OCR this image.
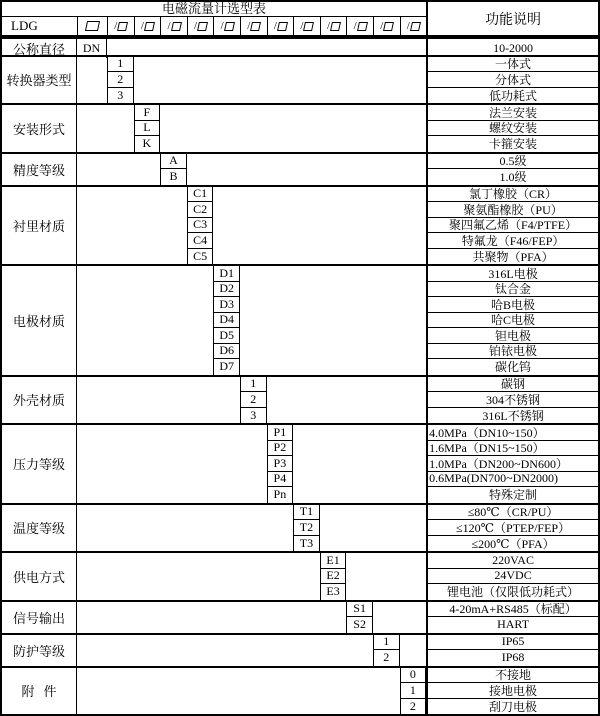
电磁流量计选型表
LDG	功能说明
/ / / / / / / / / / / /
公称直径	DN	10-2000
转换器类型
1	一体式
2	分体式
3	低功耗式
安装形式
F	法兰安装
L	螺纹安装
K	卡箍安装
精度等级
A	0.5级
B	1.0级
衬里材质
C1	氯丁橡胶（CR）
C2	聚氨酯橡胶（PU）
C3	聚四氟乙烯（F4/PTFE）
C4	特氟龙（F46/FEP）
C5	共聚物（PFA）
电极材质
D1	316L电极
D2	钛合金
D3	哈B电极
D4	哈C电极
D5	钽电极
D6	铂铱电极
D7	碳化钨
外壳材质
1	碳钢
2	304不锈钢
3	316L不锈钢
压力等级
P1	4.0MPa（DN10~150）
P2	1.6MPa（DN15~150）
P3	1.0MPa（DN200~DN600）
P4	0.6MPa(DN700~DN2000)
Pn	特殊定制
温度等级
T1	≤80℃（CR/PU）
T2	≤120℃（PTEP/FEP）
T3	≤200℃（PFA）
供电方式
E1	220VAC
E2	24VDC
E3	锂电池（仅限低功耗式）
信号输出
S1	4-20mA+RS485（标配）
S2	HART
防护等级
1	IP65
2	IP68
附件
0	不接地
1	接地电极
2	刮刀电极
